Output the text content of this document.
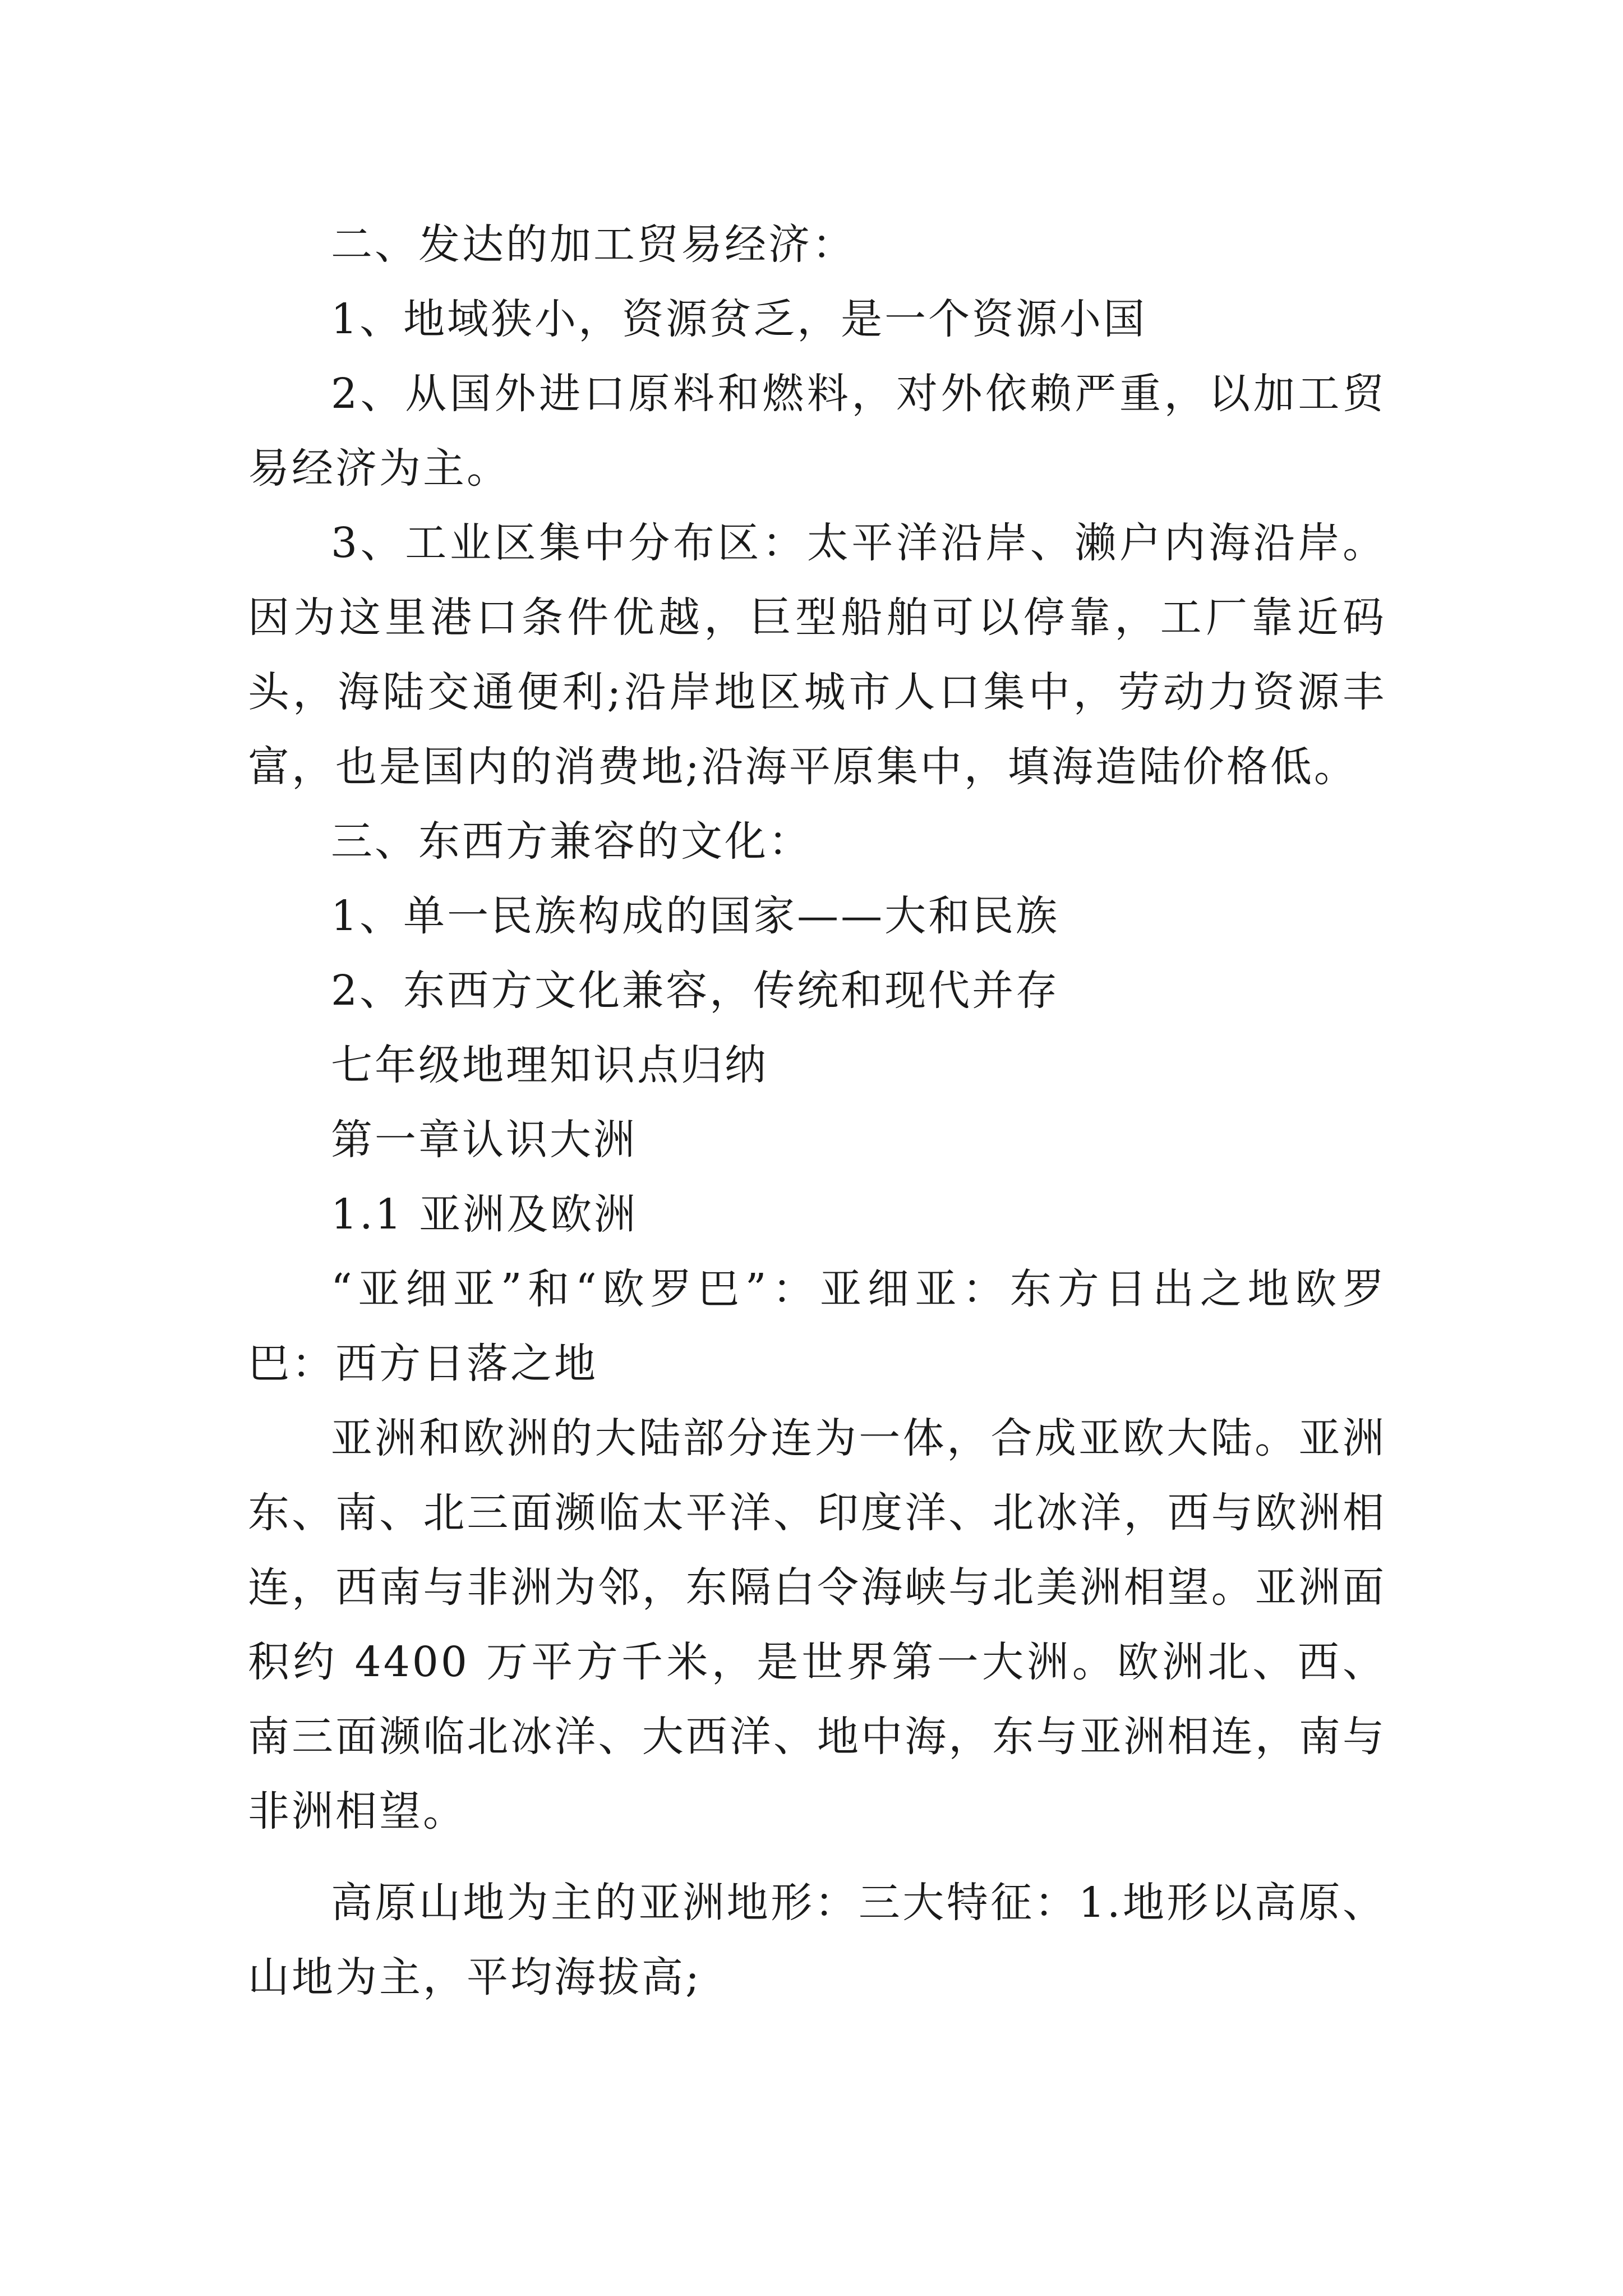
二、发达的加工贸易经济：

1、地域狭小，资源贫乏，是一个资源小国

2、从国外进口原料和燃料，对外依赖严重，以加工贸易经济为主。

3、工业区集中分布区：太平洋沿岸、濑户内海沿岸。因为这里港口条件优越，巨型船舶可以停靠，工厂靠近码头，海陆交通便利;沿岸地区城市人口集中，劳动力资源丰富，也是国内的消费地;沿海平原集中，填海造陆价格低。

三、东西方兼容的文化：

1、单一民族构成的国家——大和民族

2、东西方文化兼容，传统和现代并存

七年级地理知识点归纳

第一章认识大洲

1.1 亚洲及欧洲

“亚细亚”和“欧罗巴”：亚细亚：东方日出之地欧罗巴：西方日落之地

亚洲和欧洲的大陆部分连为一体，合成亚欧大陆。亚洲东、南、北三面濒临太平洋、印度洋、北冰洋，西与欧洲相连，西南与非洲为邻，东隔白令海峡与北美洲相望。亚洲面积约 4400 万平方千米，是世界第一大洲。欧洲北、西、南三面濒临北冰洋、大西洋、地中海，东与亚洲相连，南与非洲相望。

高原山地为主的亚洲地形：三大特征：1.地形以高原、山地为主，平均海拔高;
